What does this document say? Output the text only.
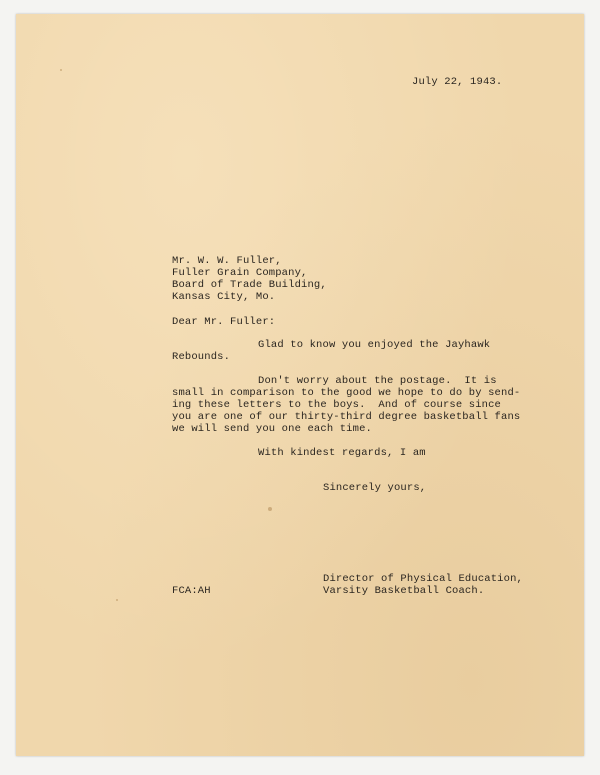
July 22, 1943.
Mr. W. W. Fuller,
Fuller Grain Company,
Board of Trade Building,
Kansas City, Mo.
Dear Mr. Fuller:
Glad to know you enjoyed the Jayhawk
Rebounds.
Don't worry about the postage.  It is
small in comparison to the good we hope to do by send-
ing these letters to the boys.  And of course since
you are one of our thirty-third degree basketball fans
we will send you one each time.
With kindest regards, I am
Sincerely yours,
FCA:AH
Director of Physical Education,
Varsity Basketball Coach.
